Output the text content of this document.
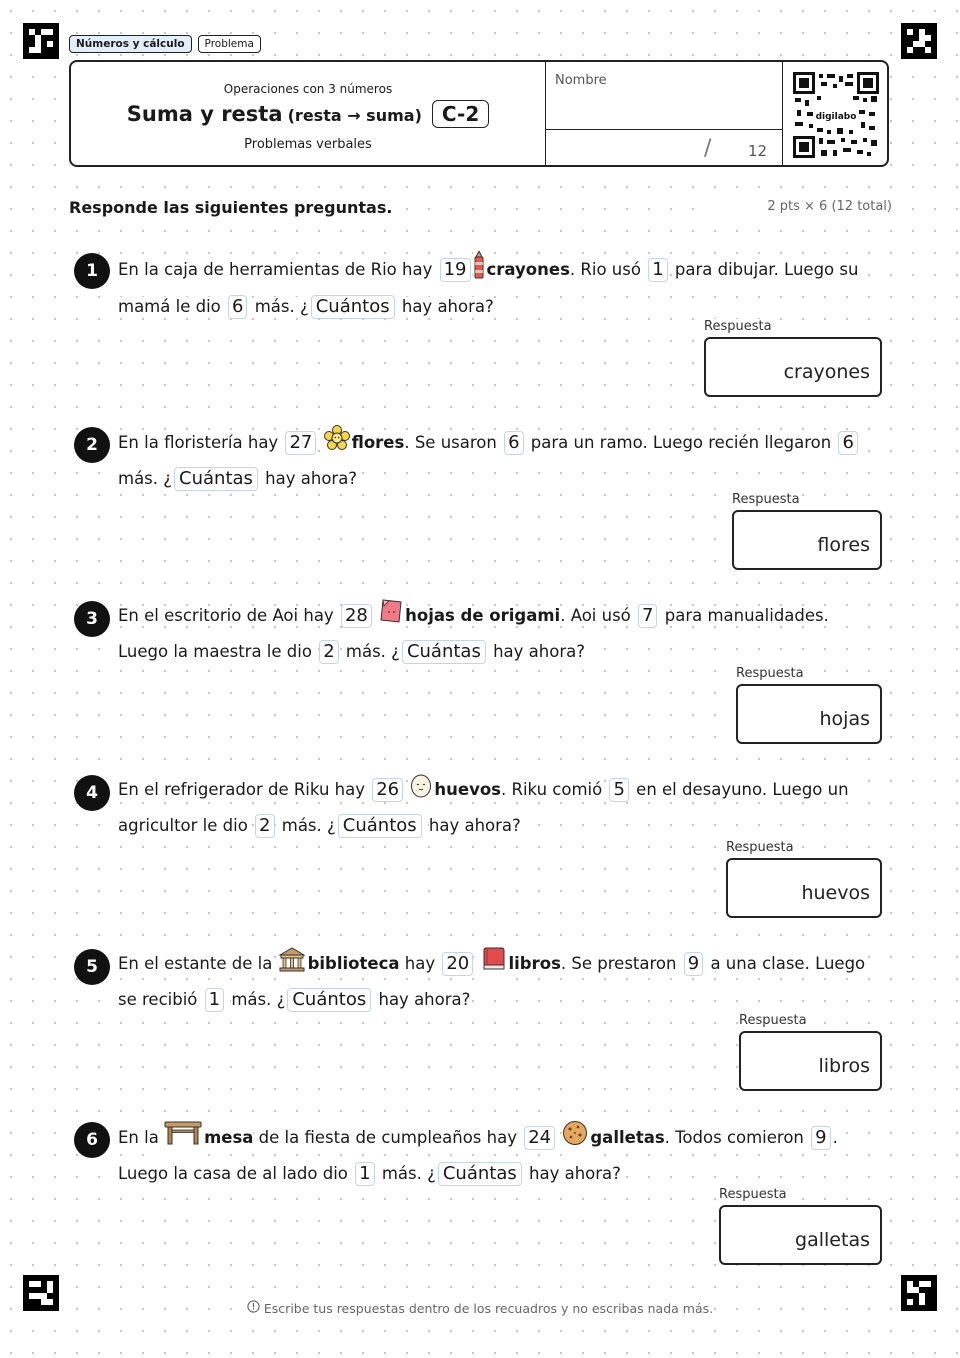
Números y cálculo	Problema
Operaciones con 3 números
Suma y resta (resta → suma)	C-2
Problemas verbales
Nombre
/ 12
digilabo
Responde las siguientes preguntas.	2 pts × 6 (12 total)
1	En la caja de herramientas de Rio hay 19 crayones. Rio usó 1 para dibujar. Luego su mamá le dio 6 más. ¿ Cuántos hay ahora?
Respuesta
crayones
2	En la floristería hay 27 flores. Se usaron 6 para un ramo. Luego recién llegaron 6 más. ¿ Cuántas hay ahora?
Respuesta
flores
3	En el escritorio de Aoi hay 28 hojas de origami. Aoi usó 7 para manualidades. Luego la maestra le dio 2 más. ¿ Cuántas hay ahora?
Respuesta
hojas
4	En el refrigerador de Riku hay 26 huevos. Riku comió 5 en el desayuno. Luego un agricultor le dio 2 más. ¿ Cuántos hay ahora?
Respuesta
huevos
5	En el estante de la biblioteca hay 20 libros. Se prestaron 9 a una clase. Luego se recibió 1 más. ¿ Cuántos hay ahora?
Respuesta
libros
6	En la	mesa de la fiesta de cumpleaños hay 24 galletas. Todos comieron 9 . Luego la casa de al lado dio 1 más. ¿ Cuántas hay ahora?
Respuesta
galletas
Escribe tus respuestas dentro de los recuadros y no escribas nada más.
